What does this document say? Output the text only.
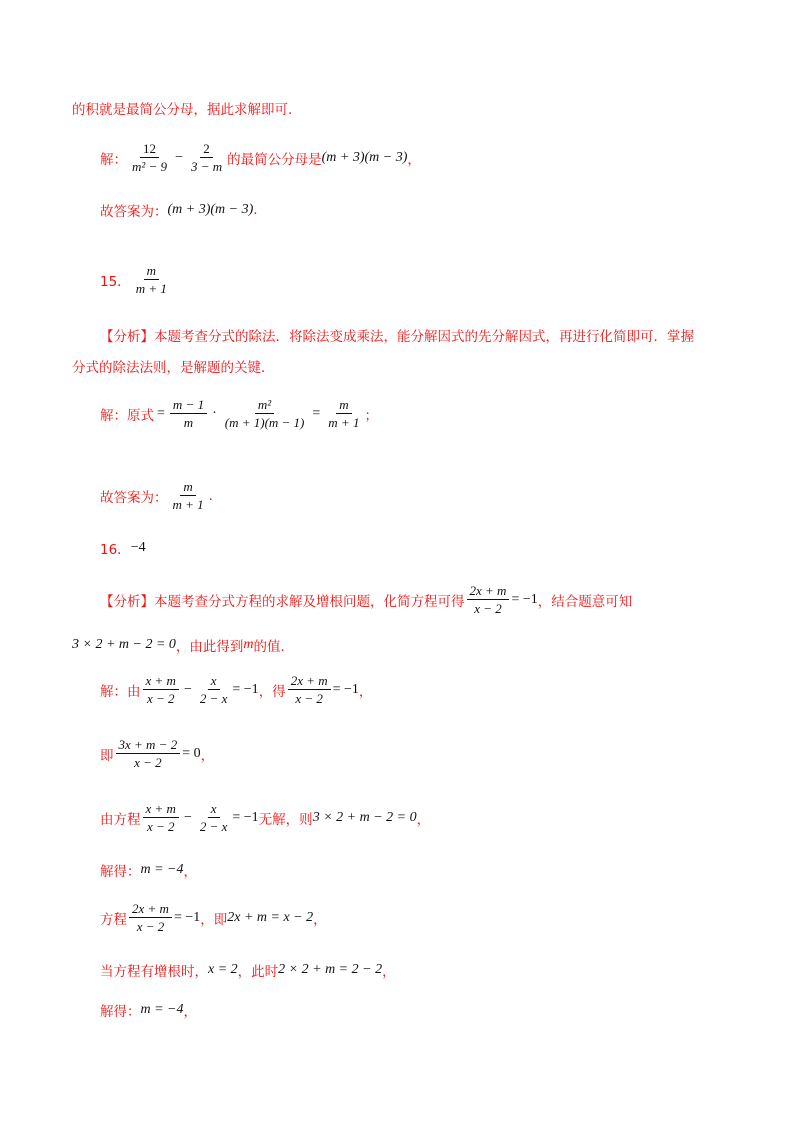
的积就是最简公分母，据此求解即可.
解： $\frac{12}{\text{m² − 9}} - \frac{2}{3 - m}$ 的最简公分母是 (m + 3)(m − 3) ，
故答案为： (m + 3)(m − 3) .
15． $\frac{m}{m + 1}$
【分析】本题考查分式的除法．将除法变成乘法，能分解因式的先分解因式，再进行化简即可．掌握
分式的除法法则，是解题的关键．
解：原式 = $\frac{m - 1}{m} \cdot \frac{\text{m²}}{(m + 1)(m - 1)} = \frac{m}{m + 1}$ ；
故答案为： $\frac{m}{m + 1}$ .
16． −4
【分析】本题考查分式方程的求解及增根问题，化简方程可得 $\frac{2x + m}{x - 2} = -1$ ，结合题意可知
3 × 2 + m − 2 = 0 ，由此得到 m 的值．
解：由 $\frac{x + m}{x - 2} - \frac{x}{2 - x} = -1$ ，得 $\frac{2x + m}{x - 2} = -1$ ，
即 $\frac{3x + m - 2}{x - 2} = 0$ ，
由方程 $\frac{x + m}{x - 2} - \frac{x}{2 - x} = -1$ 无解，则 3 × 2 + m − 2 = 0 ，
解得： m = −4 ，
方程 $\frac{2x + m}{x - 2} = -1$ ，即 2x + m = x − 2 ，
当方程有增根时， x = 2 ，此时 2 × 2 + m = 2 − 2 ，
解得： m = −4 ，
